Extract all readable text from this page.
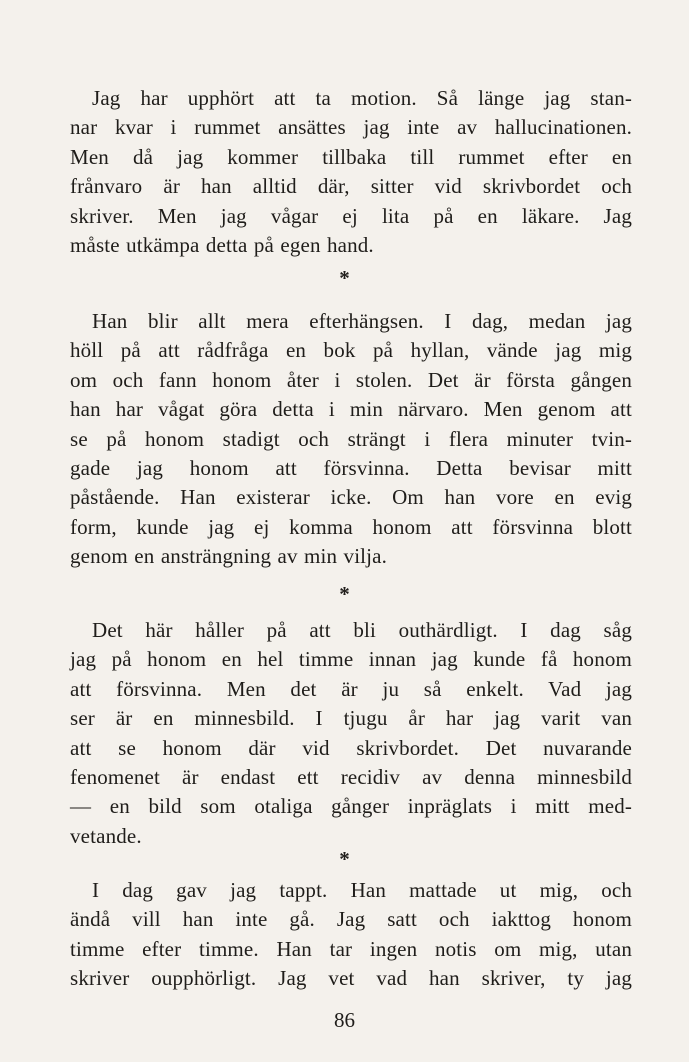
Jag har upphört att ta motion. Så länge jag stan-
nar kvar i rummet ansättes jag inte av hallucinationen.
Men då jag kommer tillbaka till rummet efter en
frånvaro är han alltid där, sitter vid skrivbordet och
skriver. Men jag vågar ej lita på en läkare. Jag
måste utkämpa detta på egen hand.
*
Han blir allt mera efterhängsen. I dag, medan jag
höll på att rådfråga en bok på hyllan, vände jag mig
om och fann honom åter i stolen. Det är första gången
han har vågat göra detta i min närvaro. Men genom att
se på honom stadigt och strängt i flera minuter tvin-
gade jag honom att försvinna. Detta bevisar mitt
påstående. Han existerar icke. Om han vore en evig
form, kunde jag ej komma honom att försvinna blott
genom en ansträngning av min vilja.
*
Det här håller på att bli outhärdligt. I dag såg
jag på honom en hel timme innan jag kunde få honom
att försvinna. Men det är ju så enkelt. Vad jag
ser är en minnesbild. I tjugu år har jag varit van
att se honom där vid skrivbordet. Det nuvarande
fenomenet är endast ett recidiv av denna minnesbild
— en bild som otaliga gånger inpräglats i mitt med-
vetande.
*
I dag gav jag tappt. Han mattade ut mig, och
ändå vill han inte gå. Jag satt och iakttog honom
timme efter timme. Han tar ingen notis om mig, utan
skriver oupphörligt. Jag vet vad han skriver, ty jag
86
